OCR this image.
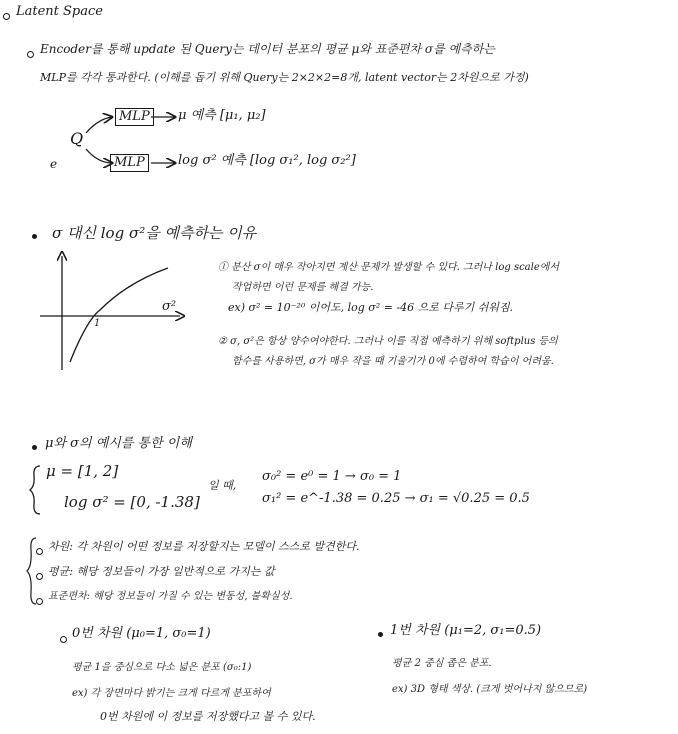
Latent Space
Encoder를 통해 update 된 Query는 데이터 분포의 평균 μ와 표준편차 σ를 예측하는
MLP를 각각 통과한다. (이해를 돕기 위해 Query는 2×2×2=8개, latent vector는 2차원으로 가정)
Q
e
MLP
MLP
μ 예측 [μ₁, μ₂]
log σ² 예측 [log σ₁², log σ₂²]
σ 대신 log σ²을 예측하는 이유
σ²
1
① 분산 σ이 매우 작아지면 계산 문제가 발생할 수 있다. 그러나 log scale에서
작업하면 이런 문제를 해결 가능.
ex) σ² = 10⁻²⁰ 이어도, log σ² = -46 으로 다루기 쉬워짐.
② σ, σ²은 항상 양수여야한다. 그러나 이를 직접 예측하기 위해 softplus 등의
함수를 사용하면, σ가 매우 작을 때 기울기가 0에 수렴하여 학습이 어려움.
μ와 σ의 예시를 통한 이해
μ = [1, 2]
log σ² = [0, -1.38]
일 때,
σ₀² = e⁰ = 1 → σ₀ = 1
σ₁² = e^-1.38 = 0.25 → σ₁ = √0.25 = 0.5
차원: 각 차원이 어떤 정보를 저장할지는 모델이 스스로 발견한다.
평균: 해당 정보들이 가장 일반적으로 가지는 값
표준편차: 해당 정보들이 가질 수 있는 변동성, 불확실성.
0번 차원 (μ₀=1, σ₀=1)
평균 1을 중심으로 다소 넓은 분포 (σ₀:1)
ex) 각 장면마다 밝기는 크게 다르게 분포하여
0번 차원에 이 정보를 저장했다고 볼 수 있다.
1번 차원 (μ₁=2, σ₁=0.5)
평균 2 중심 좁은 분포.
ex) 3D 형태 색상. (크게 벗어나지 않으므로)
